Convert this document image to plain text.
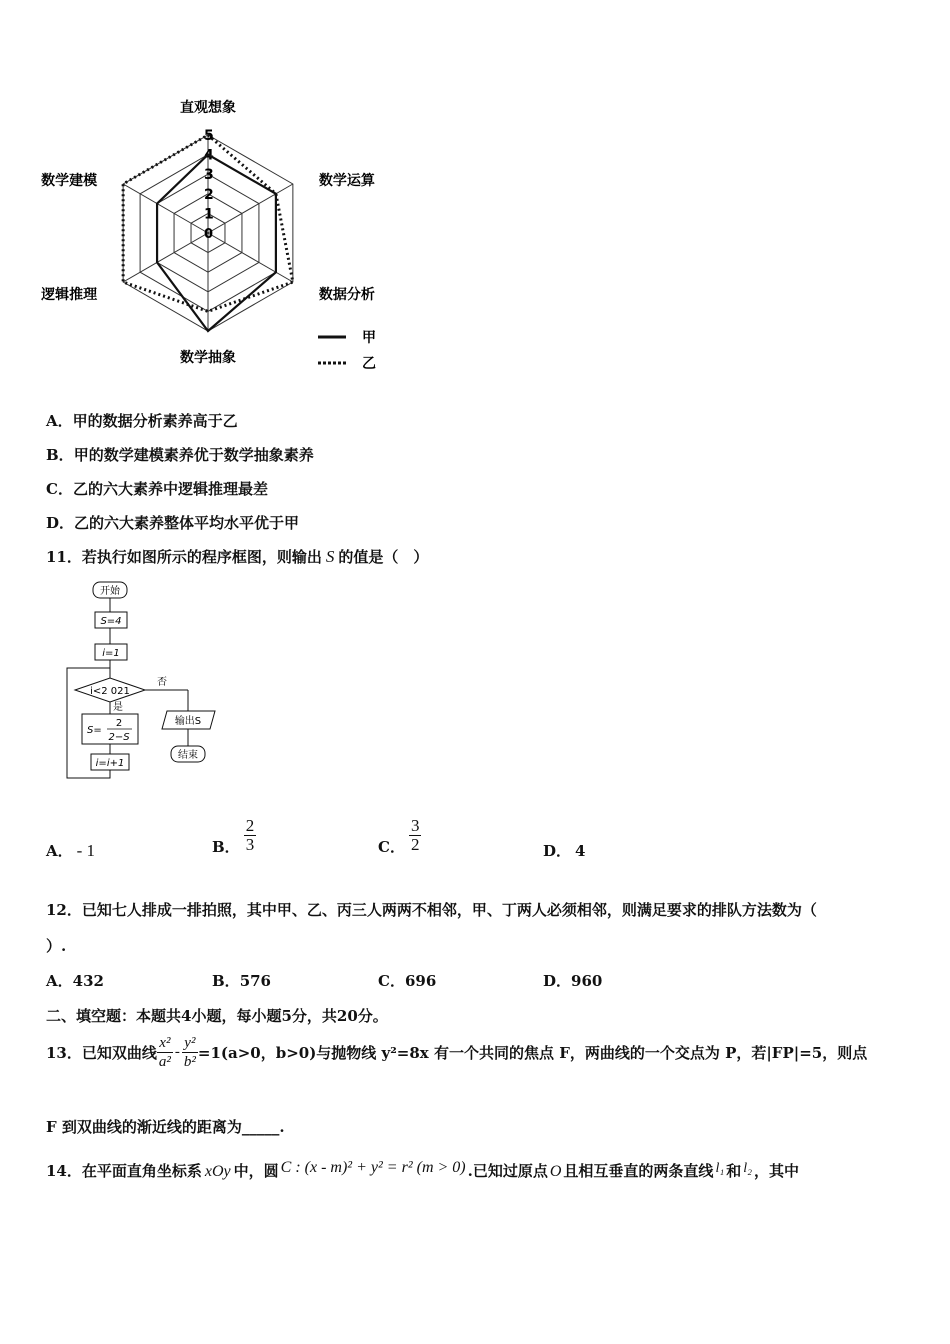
0
1
2
3
4
5
直观想象
数学运算
数据分析
数学抽象
逻辑推理
数学建模
甲
乙
A．甲的数据分析素养高于乙
B．甲的数学建模素养优于数学抽象素养
C．乙的六大素养中逻辑推理最差
D．乙的六大素养整体平均水平优于甲
11．若执行如图所示的程序框图，则输出 S 的值是（　）
开始
S=4
i=1
i<2 021
否
输出S
结束
是
S=
2
2−S
i=i+1
A． - 1	B． $\frac{2}{3}$	C． $\frac{3}{2}$	D． 4
12．已知七人排成一排拍照，其中甲、乙、丙三人两两不相邻，甲、丁两人必须相邻，则满足要求的排队方法数为（
）.
A．432	B．576	C．696	D．960
二、填空题：本题共4小题，每小题5分，共20分。
13．已知双曲线 $\frac{\text{x²}}{\text{a²}} - \frac{\text{y²}}{\text{b²}} =1(a>0$，b>0)与抛物线 y²=8x 有一个共同的焦点 F，两曲线的一个交点为 P，若|FP|=5，则点
F 到双曲线的渐近线的距离为_____.
14．在平面直角坐标系 xOy 中，圆 C : (x - m)² + y² = r² (m > 0) .已知过原点 O 且相互垂直的两条直线 l₁ 和 l₂ ，其中
